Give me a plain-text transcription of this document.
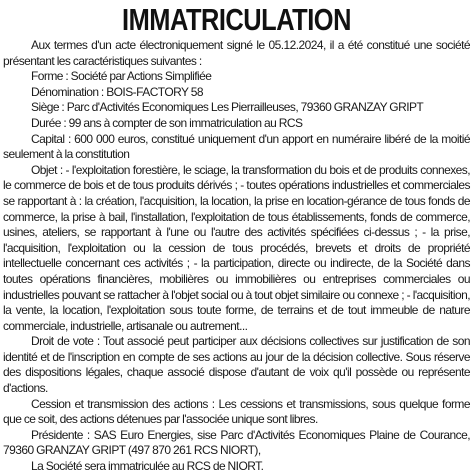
IMMATRICULATION

Aux termes d'un acte électroniquement signé le 05.12.2024, il a été constitué une société présentant les caractéristiques suivantes :

Forme : Société par Actions Simplifiée

Dénomination : BOIS-FACTORY 58

Siège : Parc d'Activités Economiques Les Pierrailleuses, 79360 GRANZAY GRIPT

Durée : 99 ans à compter de son immatriculation au RCS

Capital : 600 000 euros, constitué uniquement d'un apport en numéraire libéré de la moitié seulement à la constitution

Objet : - l'exploitation forestière, le sciage, la transformation du bois et de produits connexes, le commerce de bois et de tous produits dérivés ; - toutes opérations industrielles et commerciales se rapportant à : la création, l'acquisition, la location, la prise en location-gérance de tous fonds de commerce, la prise à bail, l'installation, l'exploitation de tous établissements, fonds de commerce, usines, ateliers, se rapportant à l'une ou l'autre des activités spécifiées ci-dessus ; - la prise, l'acquisition, l'exploitation ou la cession de tous procédés, brevets et droits de propriété intellectuelle concernant ces activités ; - la participation, directe ou indirecte, de la Société dans toutes opérations financières, mobilières ou immobilières ou entreprises commerciales ou industrielles pouvant se rattacher à l'objet social ou à tout objet similaire ou connexe ; - l'acquisition, la vente, la location, l'exploitation sous toute forme, de terrains et de tout immeuble de nature commerciale, industrielle, artisanale ou autrement...

Droit de vote : Tout associé peut participer aux décisions collectives sur justification de son identité et de l'inscription en compte de ses actions au jour de la décision collective. Sous réserve des dispositions légales, chaque associé dispose d'autant de voix qu'il possède ou représente d'actions.

Cession et transmission des actions : Les cessions et transmissions, sous quelque forme que ce soit, des actions détenues par l'associée unique sont libres.

Présidente : SAS Euro Energies, sise Parc d'Activités Economiques Plaine de Courance, 79360 GRANZAY GRIPT (497 870 261 RCS NIORT),

La Société sera immatriculée au RCS de NIORT.
